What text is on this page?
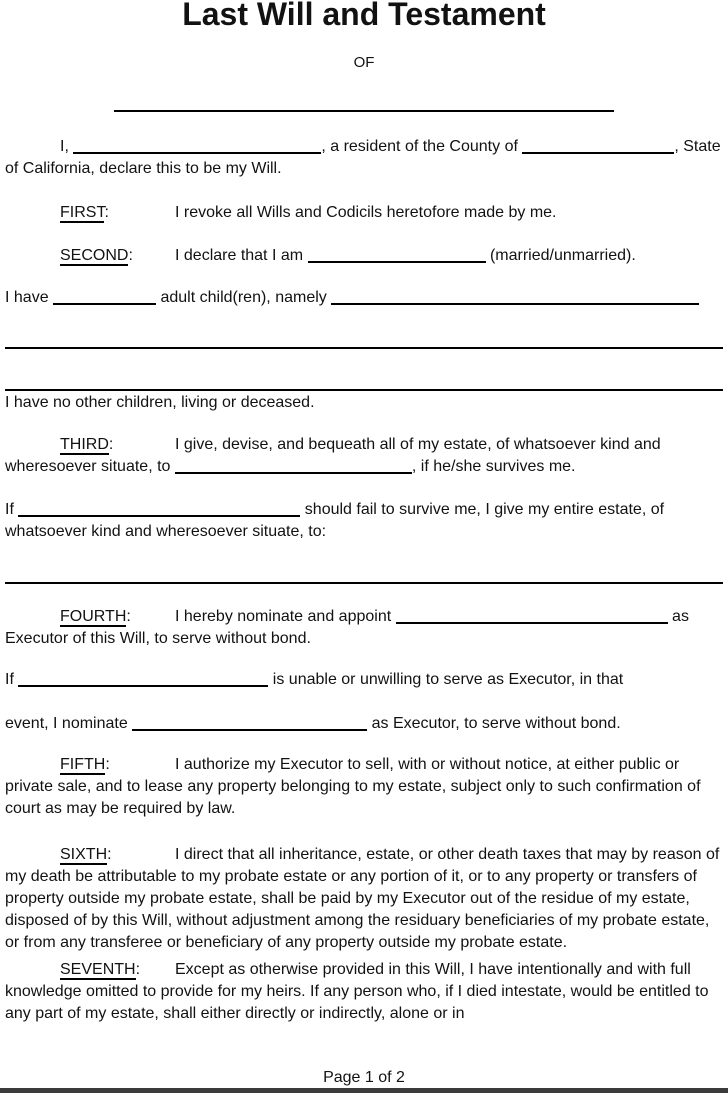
Last Will and Testament
OF

I,	, a resident of the County of	, State of California, declare this to be my Will.

FIRST:	I revoke all Wills and Codicils heretofore made by me.

SECOND:	I declare that I am	(married/unmarried).

I have	adult child(ren), namely

I have no other children, living or deceased.

THIRD:	I give, devise, and bequeath all of my estate, of whatsoever kind and wheresoever situate, to	, if he/she survives me.

If	should fail to survive me, I give my entire estate, of whatsoever kind and wheresoever situate, to:

FOURTH:	I hereby nominate and appoint	as Executor of this Will, to serve without bond.

If	is unable or unwilling to serve as Executor, in that

event, I nominate	as Executor, to serve without bond.

FIFTH:	I authorize my Executor to sell, with or without notice, at either public or private sale, and to lease any property belonging to my estate, subject only to such confirmation of court as may be required by law.

SIXTH:	I direct that all inheritance, estate, or other death taxes that may by reason of my death be attributable to my probate estate or any portion of it, or to any property or transfers of property outside my probate estate, shall be paid by my Executor out of the residue of my estate, disposed of by this Will, without adjustment among the residuary beneficiaries of my probate estate, or from any transferee or beneficiary of any property outside my probate estate.

SEVENTH: Except as otherwise provided in this Will, I have intentionally and with full knowledge omitted to provide for my heirs. If any person who, if I died intestate, would be entitled to any part of my estate, shall either directly or indirectly, alone or in

Page 1 of 2
